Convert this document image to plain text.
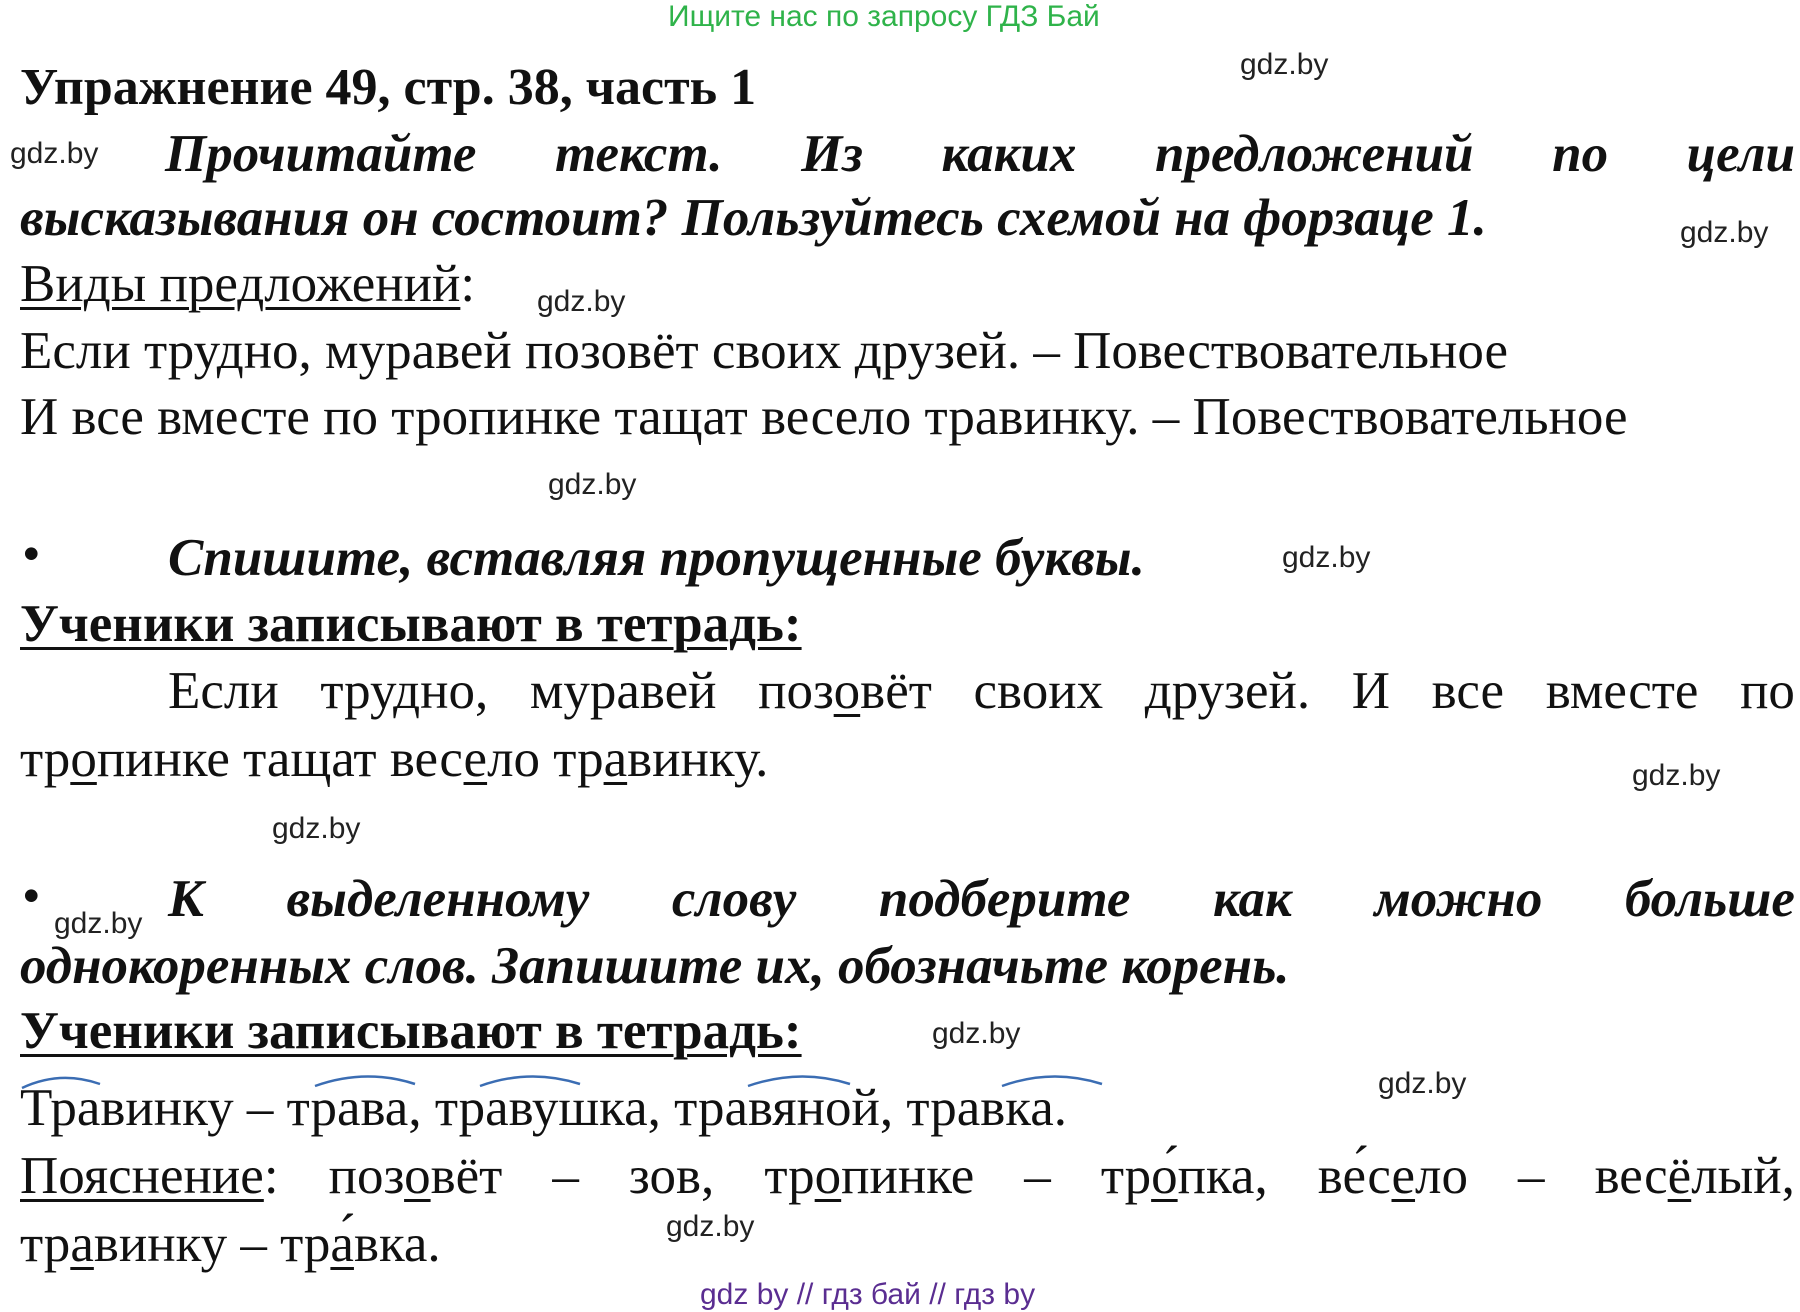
Ищите нас по запросу ГДЗ Бай
Упражнение 49, стр. 38, часть 1
Прочитайте текст. Из каких предложений по цели
высказывания он состоит? Пользуйтесь схемой на форзаце 1.
Виды предложений:
Если трудно, муравей позовёт своих друзей. – Повествовательное
И все вместе по тропинке тащат весело травинку. – Повествовательное
• Спишите, вставляя пропущенные буквы.
Ученики записывают в тетрадь:
Если трудно, муравей позовёт своих друзей. И все вместе по
тропинке тащат весело травинку.
• К выделенному слову подберите как можно больше
однокоренных слов. Запишите их, обозначьте корень.
Ученики записывают в тетрадь:
Травинку – трава, травушка, травяной, травка.
Пояснение : позовёт – зов, тропинке – тро́пка, ве́село – весёлый,
травинку – тра́вка.
gdz by // гдз бай // гдз by
gdz.by
gdz.by
gdz.by
gdz.by
gdz.by
gdz.by
gdz.by
gdz.by
gdz.by
gdz.by
gdz.by
gdz.by
